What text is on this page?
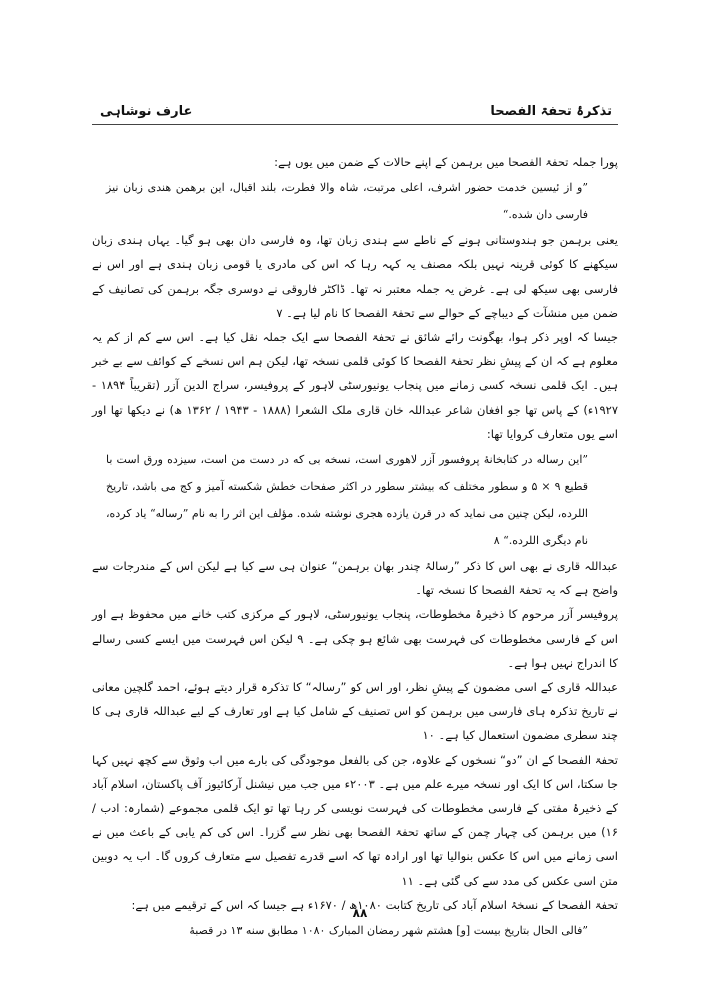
تذکرۂ تحفۃ الفصحا
عارف نوشاہی

پورا جملہ تحفۃ الفصحا میں برہمن کے اپنے حالات کے ضمن میں یوں ہے:

”و از ئیسین خدمت حضور اشرف، اعلی مرتبت، شاہ والا فطرت، بلند اقبال، این برهمن هندی زبان نیز فارسی دان شده.“

یعنی برہمن جو ہندوستانی ہونے کے ناطے سے ہندی زبان تھا، وہ فارسی دان بھی ہو گیا۔ یہاں ہندی زبان سیکھنے کا کوئی قرینہ نہیں بلکہ مصنف یہ کہہ رہا کہ اس کی مادری یا قومی زبان ہندی ہے اور اس نے فارسی بھی سیکھ لی ہے۔ غرض یہ جملہ معتبر نہ تھا۔ ڈاکٹر فاروقی نے دوسری جگہ برہمن کی تصانیف کے ضمن میں منشآت کے دیباچے کے حوالے سے تحفۃ الفصحا کا نام لیا ہے۔ ۷

جیسا کہ اوپر ذکر ہوا، بھگونت رائے شائق نے تحفۃ الفصحا سے ایک جملہ نقل کیا ہے۔ اس سے کم از کم یہ معلوم ہے کہ ان کے پیشِ نظر تحفۃ الفصحا کا کوئی قلمی نسخہ تھا، لیکن ہم اس نسخے کے کوائف سے بے خبر ہیں۔ ایک قلمی نسخہ کسی زمانے میں پنجاب یونیورسٹی لاہور کے پروفیسر، سراج الدین آزر (تقریباً ۱۸۹۴ - ۱۹۲۷ء) کے پاس تھا جو افغان شاعر عبداللہ خان قاری ملک الشعرا (۱۸۸۸ - ۱۹۴۳ / ۱۳۶۲ ھ) نے دیکھا تھا اور اسے یوں متعارف کروایا تھا:

”این رساله در کتابخانهٔ پروفسور آزر لاهوری است، نسخه بی که در دست من است، سیزده ورق است با قطیع ۹ × ۵ و سطور مختلف که بیشتر سطور در اکثر صفحات خطش شکسته آمیز و کج می باشد، تاریخ اللرده، لیکن چنین می نماید که در قرن یازده هجری نوشته شده. مؤلف این اثر را به نام ”رساله“ یاد کرده، نام دیگری اللرده.“ ۸

عبداللہ قاری نے بھی اس کا ذکر ”رسالۂ چندر بھان برہمن“ عنوان ہی سے کیا ہے لیکن اس کے مندرجات سے واضح ہے کہ یہ تحفۃ الفصحا کا نسخہ تھا۔

پروفیسر آزر مرحوم کا ذخیرۂ مخطوطات، پنجاب یونیورسٹی، لاہور کے مرکزی کتب خانے میں محفوظ ہے اور اس کے فارسی مخطوطات کی فہرست بھی شائع ہو چکی ہے۔ ۹ لیکن اس فہرست میں ایسے کسی رسالے کا اندراج نہیں ہوا ہے۔

عبداللہ قاری کے اسی مضمون کے پیشِ نظر، اور اس کو ”رسالہ“ کا تذکرہ قرار دیتے ہوئے، احمد گلچین معانی نے تاریخ تذکرہ ہای فارسی میں برہمن کو اس تصنیف کے شامل کیا ہے اور تعارف کے لیے عبداللہ قاری ہی کا چند سطری مضمون استعمال کیا ہے۔ ۱۰

تحفۃ الفصحا کے ان ”دو“ نسخوں کے علاوہ، جن کی بالفعل موجودگی کی بارے میں اب وثوق سے کچھ نہیں کہا جا سکتا، اس کا ایک اور نسخہ میرے علم میں ہے۔ ۲۰۰۳ء میں جب میں نیشنل آرکائیوز آف پاکستان، اسلام آباد کے ذخیرۂ مفتی کے فارسی مخطوطات کی فہرست نویسی کر رہا تھا تو ایک قلمی مجموعے (شمارہ: ادب / ۱۶) میں برہمن کی چہار چمن کے ساتھ تحفۃ الفصحا بھی نظر سے گزرا۔ اس کی کم یابی کے باعث میں نے اسی زمانے میں اس کا عکس بنوالیا تھا اور ارادہ تھا کہ اسے قدرے تفصیل سے متعارف کروں گا۔ اب یہ دوبین متن اسی عکس کی مدد سے کی گئی ہے۔ ۱۱

تحفۃ الفصحا کے نسخۂ اسلام آباد کی تاریخ کتابت ۱۰۸۰ھ / ۱۶۷۰ء ہے جیسا کہ اس کے ترقیمے میں ہے:

”فالی الحال بتاریخ بیست [و] هشتم شهر رمضان المبارک ۱۰۸۰ مطابق سنه ۱۳ در قصبۀ

۸۸
